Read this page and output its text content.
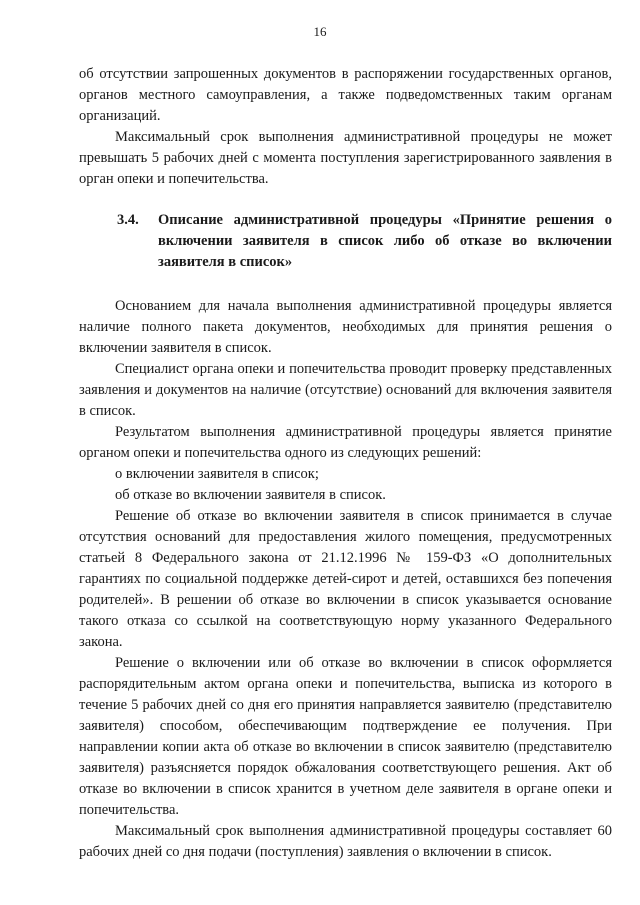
16

об отсутствии запрошенных документов в распоряжении государственных органов, органов местного самоуправления, а также подведомственных таким органам организаций.

Максимальный срок выполнения административной процедуры не может превышать 5 рабочих дней с момента поступления зарегистрированного заявления в орган опеки и попечительства.

3.4.	Описание административной процедуры «Принятие решения о включении заявителя в список либо об отказе во включении заявителя в список»

Основанием для начала выполнения административной процедуры является наличие полного пакета документов, необходимых для принятия решения о включении заявителя в список.

Специалист органа опеки и попечительства проводит проверку представленных заявления и документов на наличие (отсутствие) оснований для включения заявителя в список.

Результатом выполнения административной процедуры является принятие органом опеки и попечительства одного из следующих решений:

о включении заявителя в список;

об отказе во включении заявителя в список.

Решение об отказе во включении заявителя в список принимается в случае отсутствия оснований для предоставления жилого помещения, предусмотренных статьей 8 Федерального закона от 21.12.1996 № 159-ФЗ «О дополнительных гарантиях по социальной поддержке детей-сирот и детей, оставшихся без попечения родителей». В решении об отказе во включении в список указывается основание такого отказа со ссылкой на соответствующую норму указанного Федерального закона.

Решение о включении или об отказе во включении в список оформляется распорядительным актом органа опеки и попечительства, выписка из которого в течение 5 рабочих дней со дня его принятия направляется заявителю (представителю заявителя) способом, обеспечивающим подтверждение ее получения. При направлении копии акта об отказе во включении в список заявителю (представителю заявителя) разъясняется порядок обжалования соответствующего решения. Акт об отказе во включении в список хранится в учетном деле заявителя в органе опеки и попечительства.

Максимальный срок выполнения административной процедуры составляет 60 рабочих дней со дня подачи (поступления) заявления о включении в список.
